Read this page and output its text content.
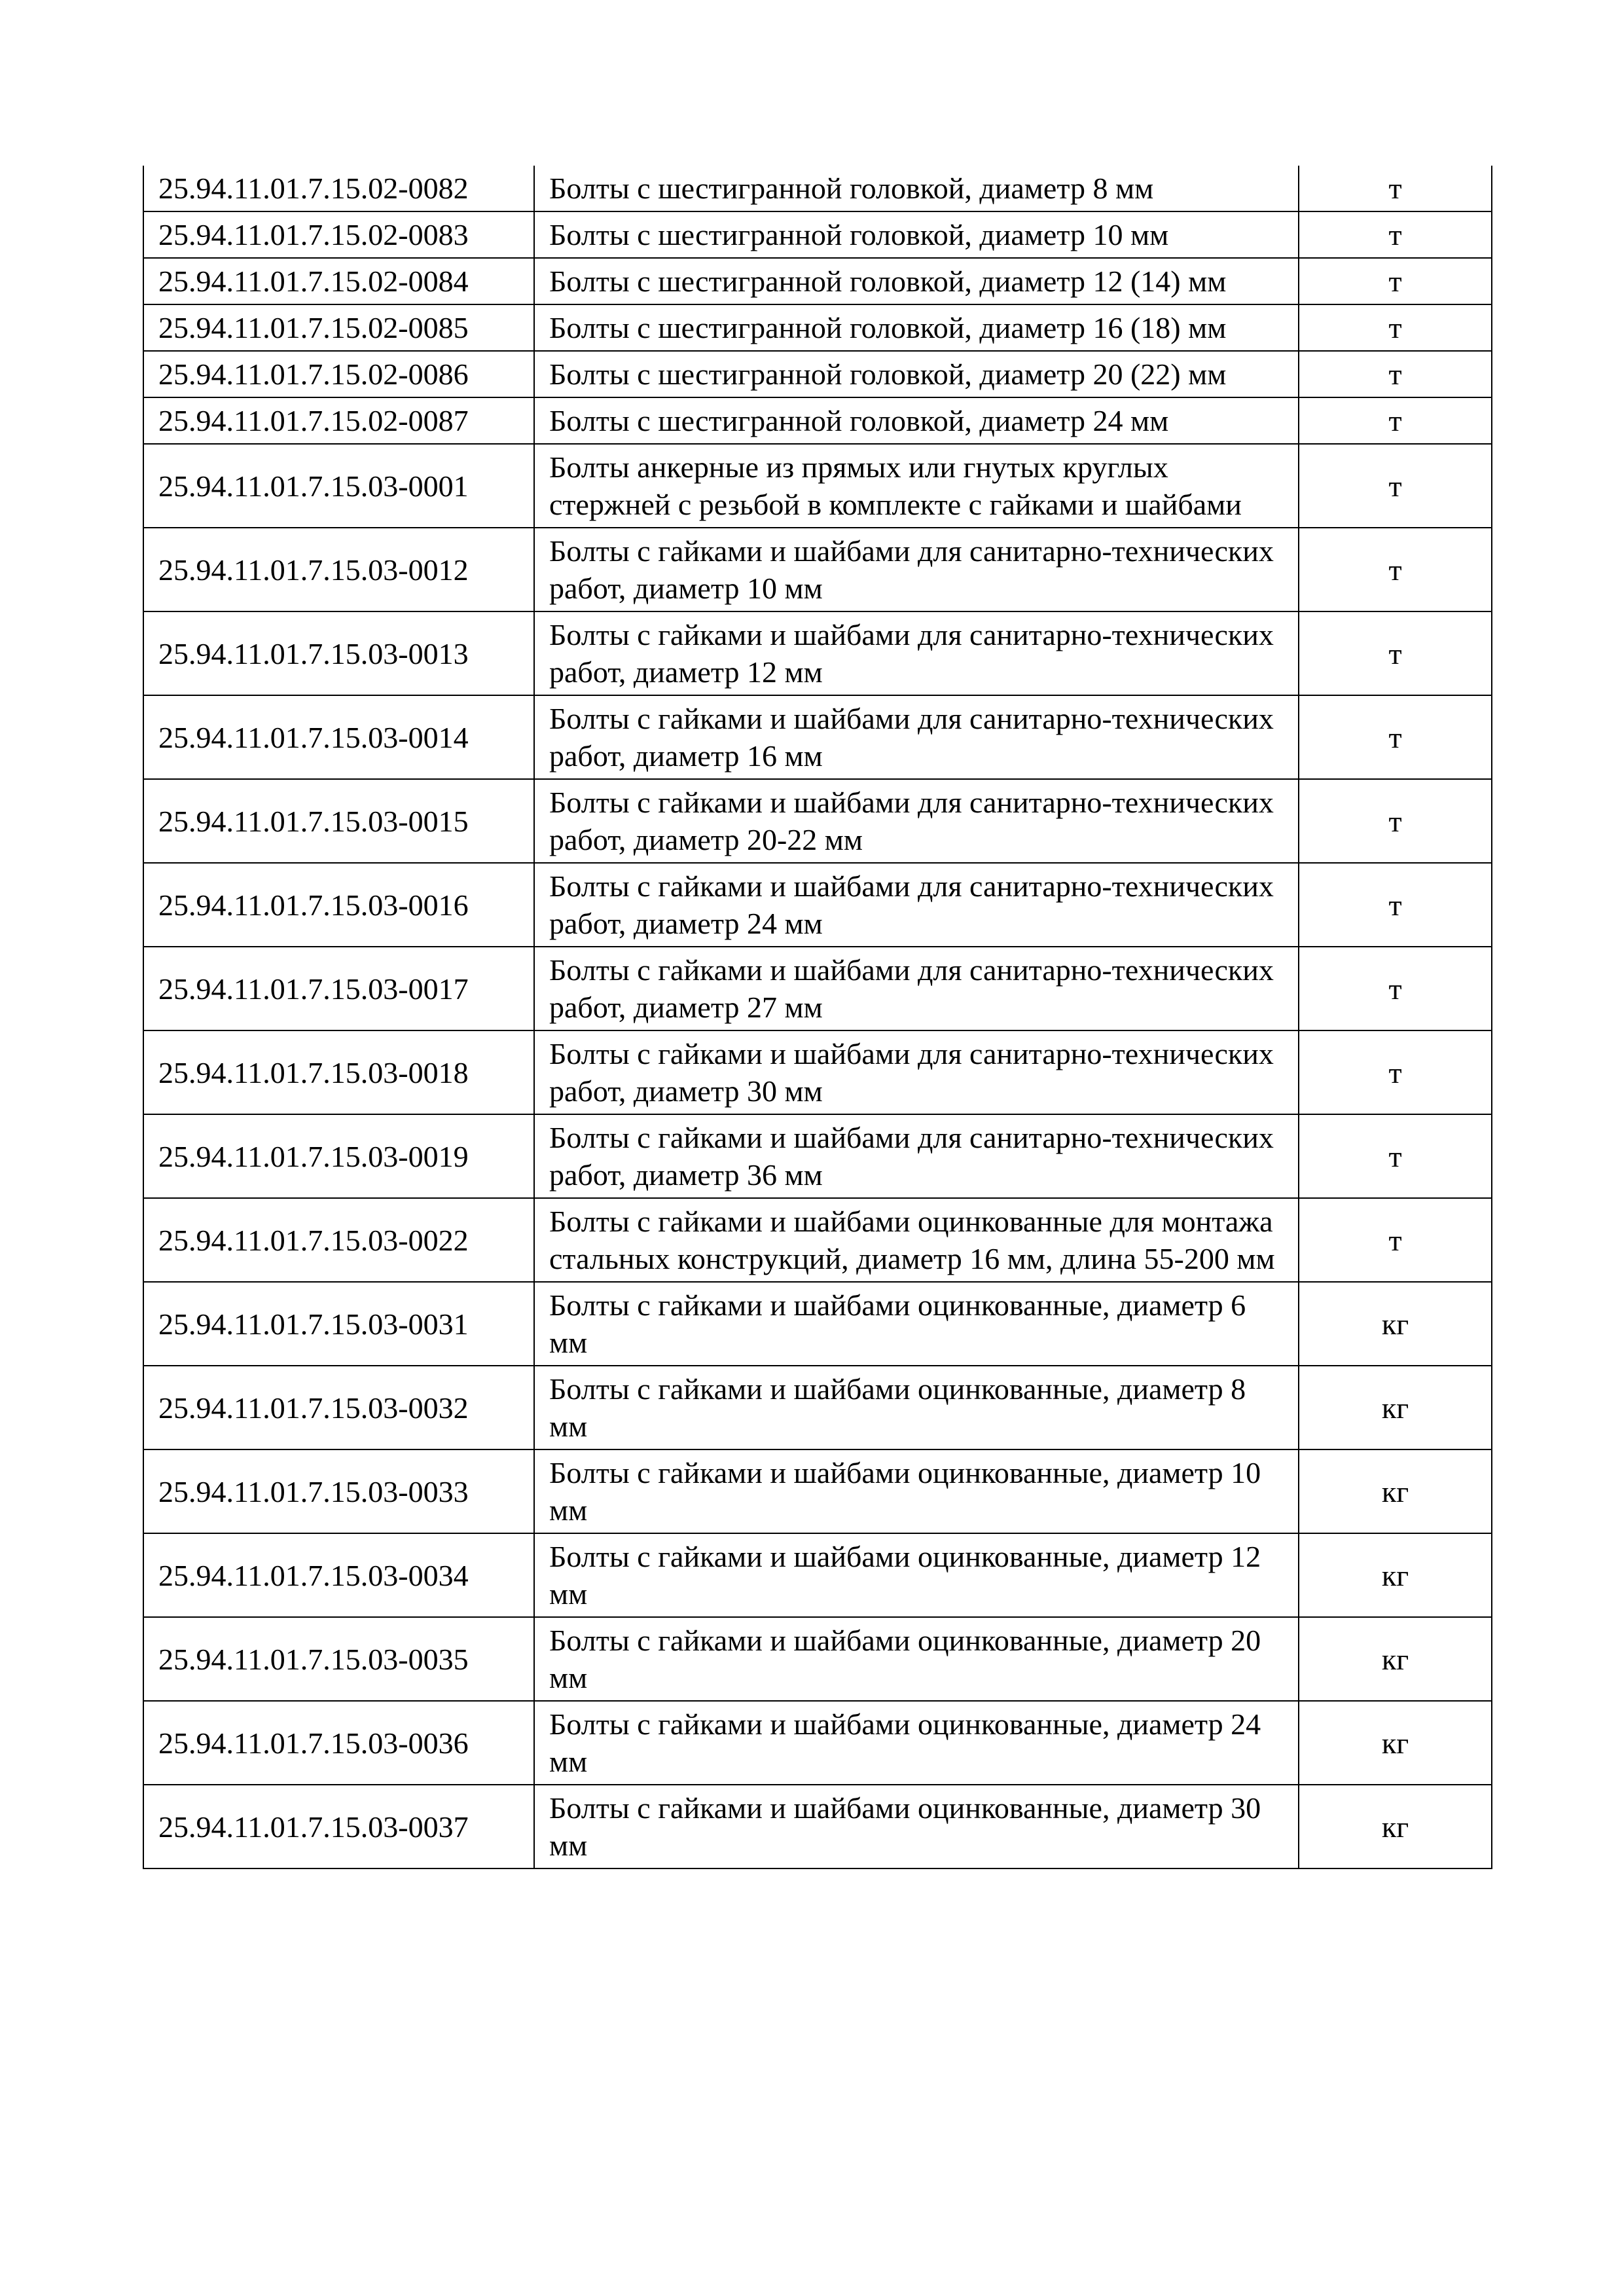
25.94.11.01.7.15.02-0082	Болты с шестигранной головкой, диаметр 8 мм	т
25.94.11.01.7.15.02-0083	Болты с шестигранной головкой, диаметр 10 мм	т
25.94.11.01.7.15.02-0084	Болты с шестигранной головкой, диаметр 12 (14) мм	т
25.94.11.01.7.15.02-0085	Болты с шестигранной головкой, диаметр 16 (18) мм	т
25.94.11.01.7.15.02-0086	Болты с шестигранной головкой, диаметр 20 (22) мм	т
25.94.11.01.7.15.02-0087	Болты с шестигранной головкой, диаметр 24 мм	т
25.94.11.01.7.15.03-0001	Болты анкерные из прямых или гнутых круглых стержней с резьбой в комплекте с гайками и шайбами	т
25.94.11.01.7.15.03-0012	Болты с гайками и шайбами для санитарно-технических работ, диаметр 10 мм	т
25.94.11.01.7.15.03-0013	Болты с гайками и шайбами для санитарно-технических работ, диаметр 12 мм	т
25.94.11.01.7.15.03-0014	Болты с гайками и шайбами для санитарно-технических работ, диаметр 16 мм	т
25.94.11.01.7.15.03-0015	Болты с гайками и шайбами для санитарно-технических работ, диаметр 20-22 мм	т
25.94.11.01.7.15.03-0016	Болты с гайками и шайбами для санитарно-технических работ, диаметр 24 мм	т
25.94.11.01.7.15.03-0017	Болты с гайками и шайбами для санитарно-технических работ, диаметр 27 мм	т
25.94.11.01.7.15.03-0018	Болты с гайками и шайбами для санитарно-технических работ, диаметр 30 мм	т
25.94.11.01.7.15.03-0019	Болты с гайками и шайбами для санитарно-технических работ, диаметр 36 мм	т
25.94.11.01.7.15.03-0022	Болты с гайками и шайбами оцинкованные для монтажа стальных конструкций, диаметр 16 мм, длина 55-200 мм	т
25.94.11.01.7.15.03-0031	Болты с гайками и шайбами оцинкованные, диаметр 6 мм	кг
25.94.11.01.7.15.03-0032	Болты с гайками и шайбами оцинкованные, диаметр 8 мм	кг
25.94.11.01.7.15.03-0033	Болты с гайками и шайбами оцинкованные, диаметр 10 мм	кг
25.94.11.01.7.15.03-0034	Болты с гайками и шайбами оцинкованные, диаметр 12 мм	кг
25.94.11.01.7.15.03-0035	Болты с гайками и шайбами оцинкованные, диаметр 20 мм	кг
25.94.11.01.7.15.03-0036	Болты с гайками и шайбами оцинкованные, диаметр 24 мм	кг
25.94.11.01.7.15.03-0037	Болты с гайками и шайбами оцинкованные, диаметр 30 мм	кг
